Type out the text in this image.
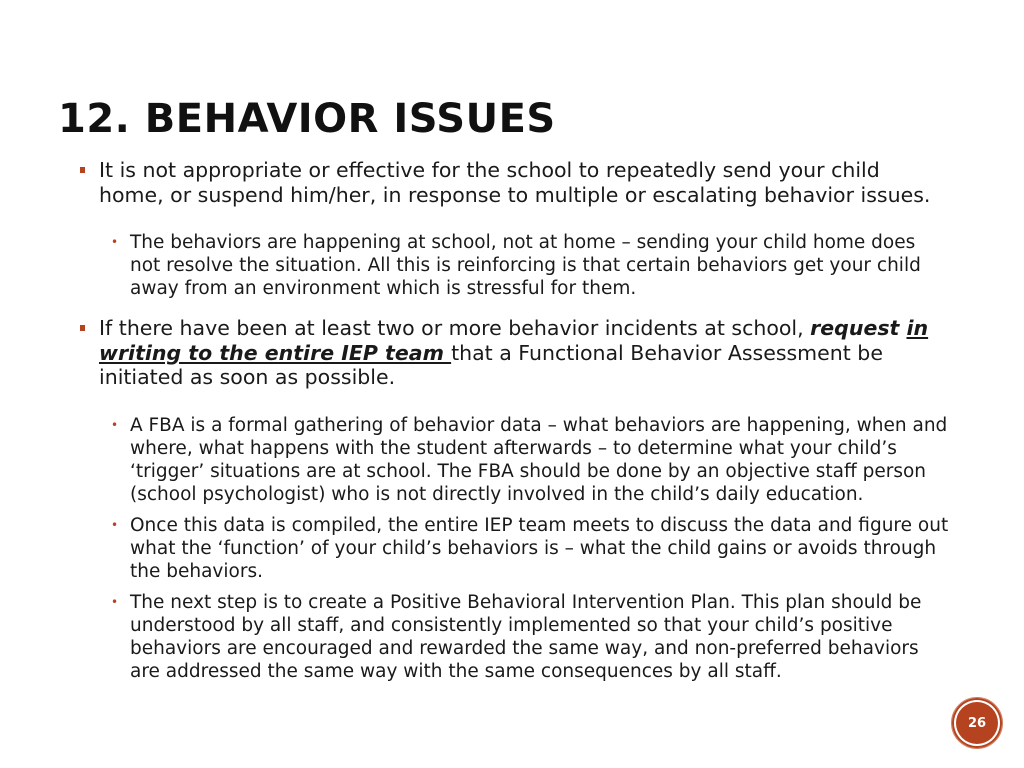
12. BEHAVIOR ISSUES
It is not appropriate or effective for the school to repeatedly send your child home, or suspend him/her, in response to multiple or escalating behavior issues.
• The behaviors are happening at school, not at home – sending your child home does not resolve the situation. All this is reinforcing is that certain behaviors get your child away from an environment which is stressful for them.
If there have been at least two or more behavior incidents at school, request in writing to the entire IEP team that a Functional Behavior Assessment be initiated as soon as possible.
• A FBA is a formal gathering of behavior data – what behaviors are happening, when and where, what happens with the student afterwards – to determine what your child’s ‘trigger’ situations are at school. The FBA should be done by an objective staff person (school psychologist) who is not directly involved in the child’s daily education.
• Once this data is compiled, the entire IEP team meets to discuss the data and figure out what the ‘function’ of your child’s behaviors is – what the child gains or avoids through the behaviors.
• The next step is to create a Positive Behavioral Intervention Plan. This plan should be understood by all staff, and consistently implemented so that your child’s positive behaviors are encouraged and rewarded the same way, and non-preferred behaviors are addressed the same way with the same consequences by all staff.
26
